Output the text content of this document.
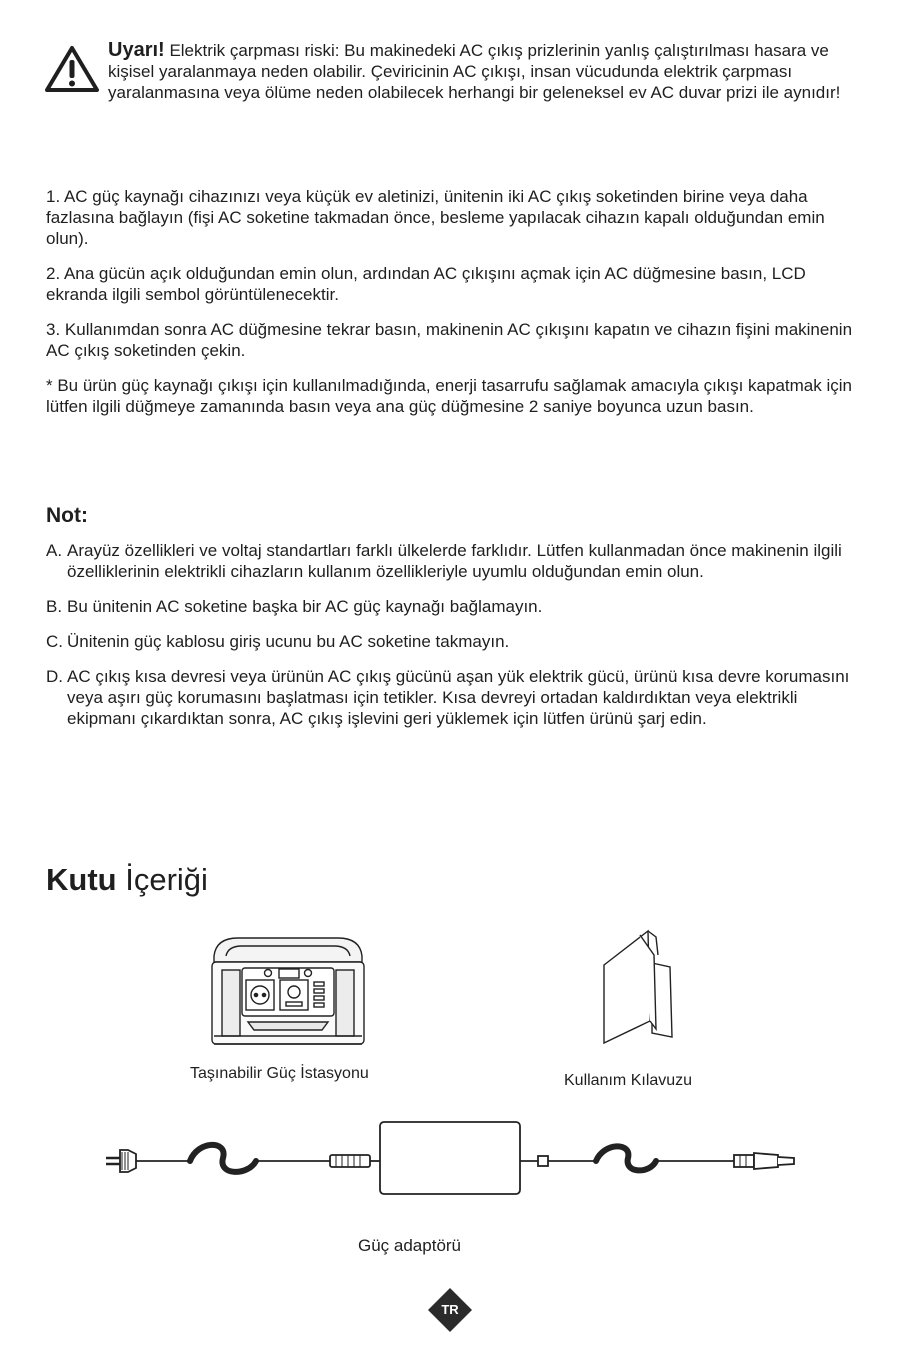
Uyarı! Elektrik çarpması riski: Bu makinedeki AC çıkış prizlerinin yanlış çalıştırılması hasara ve kişisel yaralanmaya neden olabilir. Çeviricinin AC çıkışı, insan vücudunda elektrik çarpması yaralanmasına veya ölüme neden olabilecek herhangi bir geleneksel ev AC duvar prizi ile aynıdır!

1. AC güç kaynağı cihazınızı veya küçük ev aletinizi, ünitenin iki AC çıkış soketinden birine veya daha fazlasına bağlayın (fişi AC soketine takmadan önce, besleme yapılacak cihazın kapalı olduğundan emin olun).

2. Ana gücün açık olduğundan emin olun, ardından AC çıkışını açmak için AC düğmesine basın, LCD ekranda ilgili sembol görüntülenecektir.

3. Kullanımdan sonra AC düğmesine tekrar basın, makinenin AC çıkışını kapatın ve cihazın fişini makinenin AC çıkış soketinden çekin.

* Bu ürün güç kaynağı çıkışı için kullanılmadığında, enerji tasarrufu sağlamak amacıyla çıkışı kapatmak için lütfen ilgili düğmeye zamanında basın veya ana güç düğmesine 2 saniye boyunca uzun basın.

Not:
A. Arayüz özellikleri ve voltaj standartları farklı ülkelerde farklıdır. Lütfen kullanmadan önce makinenin ilgili özelliklerinin elektrikli cihazların kullanım özellikleriyle uyumlu olduğundan emin olun.
B. Bu ünitenin AC soketine başka bir AC güç kaynağı bağlamayın.
C. Ünitenin güç kablosu giriş ucunu bu AC soketine takmayın.
D. AC çıkış kısa devresi veya ürünün AC çıkış gücünü aşan yük elektrik gücü, ürünü kısa devre korumasını veya aşırı güç korumasını başlatması için tetikler. Kısa devreyi ortadan kaldırdıktan veya elektrikli ekipmanı çıkardıktan sonra, AC çıkış işlevini geri yüklemek için lütfen ürünü şarj edin.
Kutu İçeriği
Taşınabilir Güç İstasyonu	Kullanım Kılavuzu
Güç adaptörü
TR
